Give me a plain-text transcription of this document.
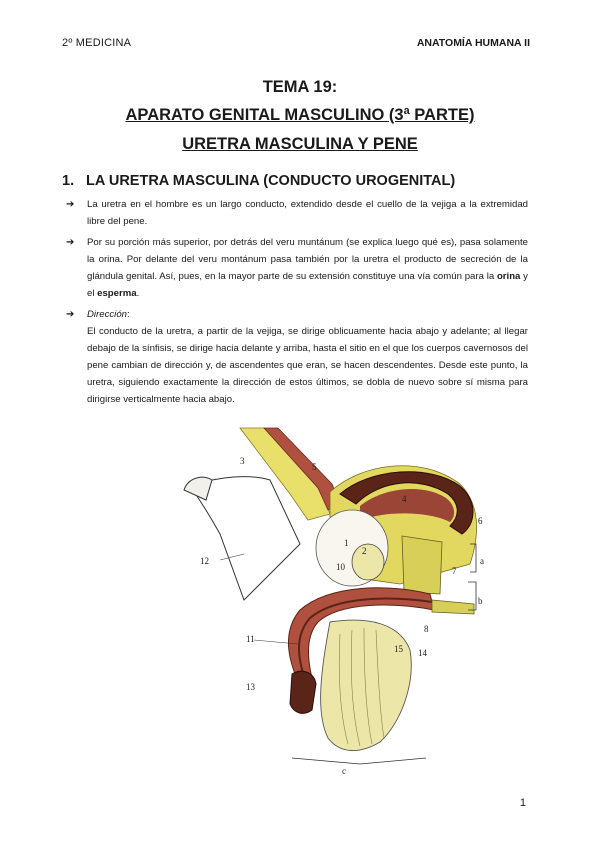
2º MEDICINA	ANATOMÍA HUMANA II
TEMA 19:
APARATO GENITAL MASCULINO (3ª PARTE)
URETRA MASCULINA Y PENE
1. LA URETRA MASCULINA (CONDUCTO UROGENITAL)
➔ La uretra en el hombre es un largo conducto, extendido desde el cuello de la vejiga a la extremidad libre del pene.
➔ Por su porción más superior, por detrás del veru muntánum (se explica luego qué es), pasa solamente la orina. Por delante del veru montánum pasa también por la uretra el producto de secreción de la glándula genital. Así, pues, en la mayor parte de su extensión constituye una vía común para la orina y el esperma.
➔ Dirección:
El conducto de la uretra, a partir de la vejiga, se dirige oblicuamente hacia abajo y adelante; al llegar debajo de la sínfisis, se dirige hacia delante y arriba, hasta el sitio en el que los cuerpos cavernosos del pene cambian de dirección y, de ascendentes que eran, se hacen descendentes. Desde este punto, la uretra, siguiendo exactamente la dirección de estos últimos, se dobla de nuevo sobre sí misma para dirigirse verticalmente hacia abajo.
3
5
4
6
1
2
10
12
7
a
b
11
8
15 14
13
c
1
